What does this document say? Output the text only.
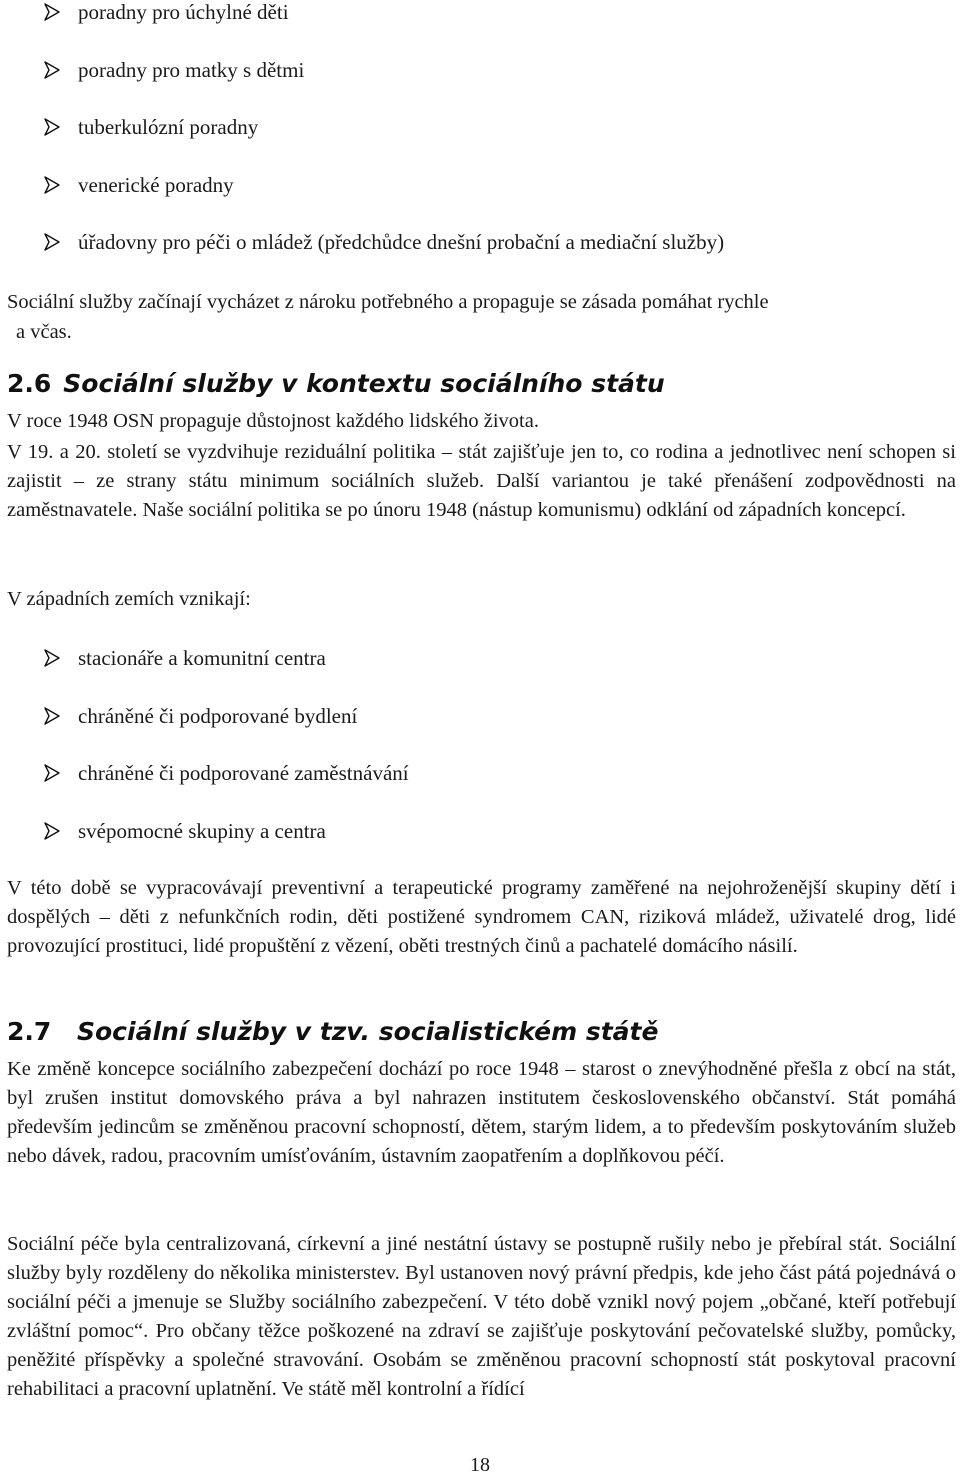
poradny pro úchylné děti
poradny pro matky s dětmi
tuberkulózní poradny
venerické poradny
úřadovny pro péči o mládež (předchůdce dnešní probační a mediační služby)

Sociální služby začínají vycházet z nároku potřebného a propaguje se zásada pomáhat rychle

a včas.

2.6 Sociální služby v kontextu sociálního státu

V roce 1948 OSN propaguje důstojnost každého lidského života.

V 19. a 20. století se vyzdvihuje reziduální politika – stát zajišťuje jen to, co rodina a jednotlivec není schopen si zajistit – ze strany státu minimum sociálních služeb. Další variantou je také přenášení zodpovědnosti na zaměstnavatele. Naše sociální politika se po únoru 1948 (nástup komunismu) odklání od západních koncepcí.

V západních zemích vznikají:

stacionáře a komunitní centra
chráněné či podporované bydlení
chráněné či podporované zaměstnávání
svépomocné skupiny a centra

V této době se vypracovávají preventivní a terapeutické programy zaměřené na nejohroženější skupiny dětí i dospělých – děti z nefunkčních rodin, děti postižené syndromem CAN, riziková mládež, uživatelé drog, lidé provozující prostituci, lidé propuštění z vězení, oběti trestných činů a pachatelé domácího násilí.

2.7 Sociální služby v tzv. socialistickém státě

Ke změně koncepce sociálního zabezpečení dochází po roce 1948 – starost o znevýhodněné přešla z obcí na stát, byl zrušen institut domovského práva a byl nahrazen institutem československého občanství. Stát pomáhá především jedincům se změněnou pracovní schopností, dětem, starým lidem, a to především poskytováním služeb nebo dávek, radou, pracovním umísťováním, ústavním zaopatřením a doplňkovou péčí.

Sociální péče byla centralizovaná, církevní a jiné nestátní ústavy se postupně rušily nebo je přebíral stát. Sociální služby byly rozděleny do několika ministerstev. Byl ustanoven nový právní předpis, kde jeho část pátá pojednává o sociální péči a jmenuje se Služby sociálního zabezpečení. V této době vznikl nový pojem „občané, kteří potřebují zvláštní pomoc“. Pro občany těžce poškozené na zdraví se zajišťuje poskytování pečovatelské služby, pomůcky, peněžité příspěvky a společné stravování. Osobám se změněnou pracovní schopností stát poskytoval pracovní rehabilitaci a pracovní uplatnění. Ve státě měl kontrolní a řídící

18
